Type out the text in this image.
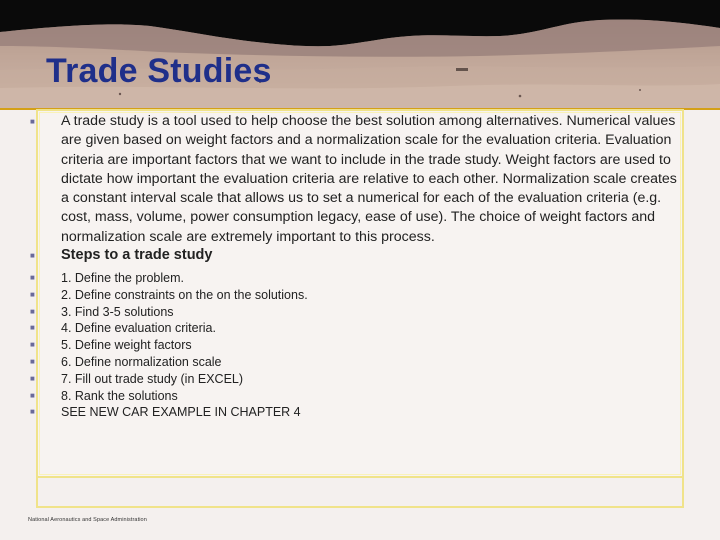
Trade Studies
■ A trade study is a tool used to help choose the best solution among alternatives. Numerical values are given based on weight factors and a normalization scale for the evaluation criteria. Evaluation criteria are important factors that we want to include in the trade study. Weight factors are used to dictate how important the evaluation criteria are relative to each other. Normalization scale creates a constant interval scale that allows us to set a numerical for each of the evaluation criteria (e.g. cost, mass, volume, power consumption legacy, ease of use). The choice of weight factors and normalization scale are extremely important to this process.
■ Steps to a trade study
■ 1. Define the problem.
■ 2. Define constraints on the on the solutions.
■ 3. Find 3-5 solutions
■ 4. Define evaluation criteria.
■ 5. Define weight factors
■ 6. Define normalization scale
■ 7. Fill out trade study (in EXCEL)
■ 8. Rank the solutions
■ SEE NEW CAR EXAMPLE IN CHAPTER 4
National Aeronautics and Space Administration
